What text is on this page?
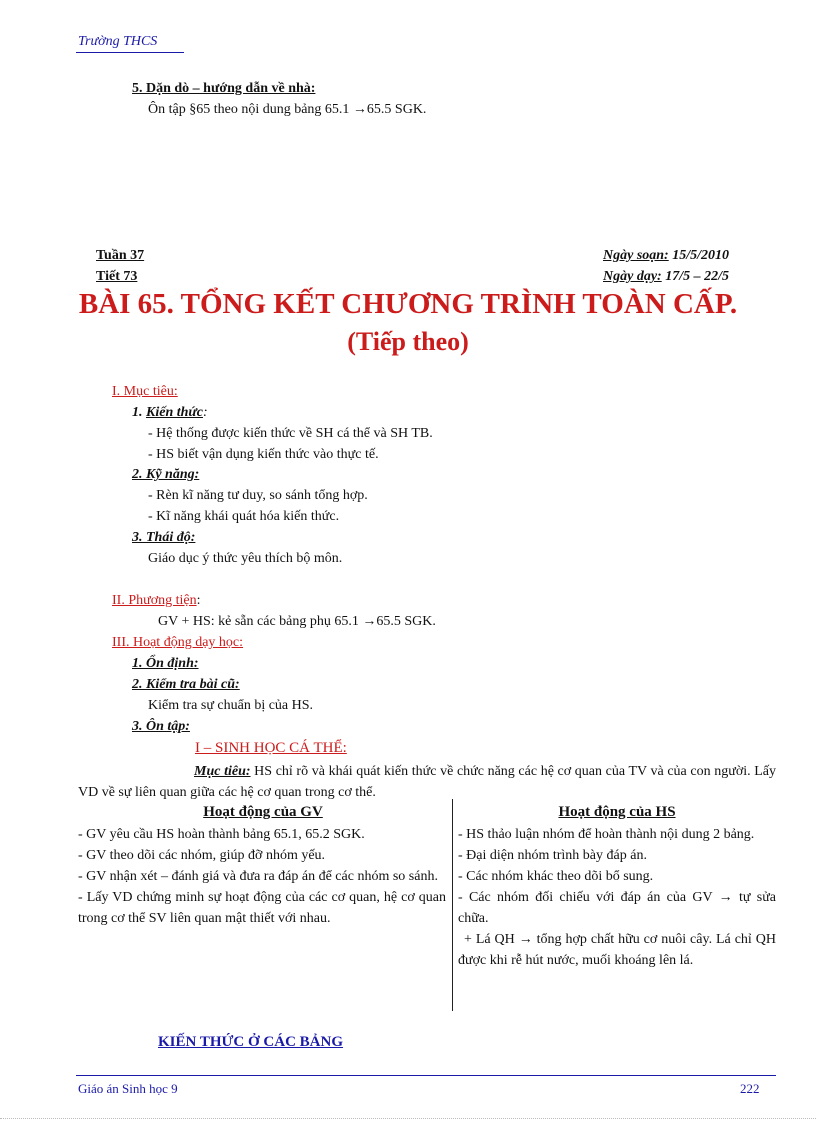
Trường THCS
5. Dặn dò – hướng dẫn về nhà:
Ôn tập §65 theo nội dung bảng 65.1 →65.5 SGK.
Tuần 37
Tiết 73
Ngày soạn: 15/5/2010
Ngày dạy: 17/5 – 22/5
BÀI 65. TỔNG KẾT CHƯƠNG TRÌNH TOÀN CẤP.
(Tiếp theo)
I. Mục tiêu:
1. Kiến thức:
- Hệ thống được kiến thức về SH cá thể và SH TB.
- HS biết vận dụng kiến thức vào thực tế.
2. Kỹ năng:
- Rèn kĩ năng tư duy, so sánh tổng hợp.
- Kĩ năng khái quát hóa kiến thức.
3. Thái độ:
Giáo dục ý thức yêu thích bộ môn.
II. Phương tiện:
GV + HS: kẻ sẵn các bảng phụ 65.1 →65.5 SGK.
III. Hoạt động dạy học:
1. Ổn định:
2. Kiểm tra bài cũ:
Kiểm tra sự chuẩn bị của HS.
3. Ôn tập:
I – SINH HỌC CÁ THỂ:
Mục tiêu: HS chỉ rõ và khái quát kiến thức về chức năng các hệ cơ quan của TV và của con người. Lấy VD về sự liên quan giữa các hệ cơ quan trong cơ thể.
Hoạt động của GV	Hoạt động của HS

- GV yêu cầu HS hoàn thành bảng 65.1, 65.2 SGK.

- GV theo dõi các nhóm, giúp đỡ nhóm yếu.

- GV nhận xét – đánh giá và đưa ra đáp án để các nhóm so sánh.

- Lấy VD chứng minh sự hoạt động của các cơ quan, hệ cơ quan trong cơ thể SV liên quan mật thiết với nhau.

- HS thảo luận nhóm để hoàn thành nội dung 2 bảng.

- Đại diện nhóm trình bày đáp án.

- Các nhóm khác theo dõi bổ sung.

- Các nhóm đối chiếu với đáp án của GV → tự sửa chữa.

+ Lá QH → tổng hợp chất hữu cơ nuôi cây. Lá chỉ QH được khi rễ hút nước, muối khoáng lên lá.

KIẾN THỨC Ở CÁC BẢNG
Giáo án Sinh học 9	222
